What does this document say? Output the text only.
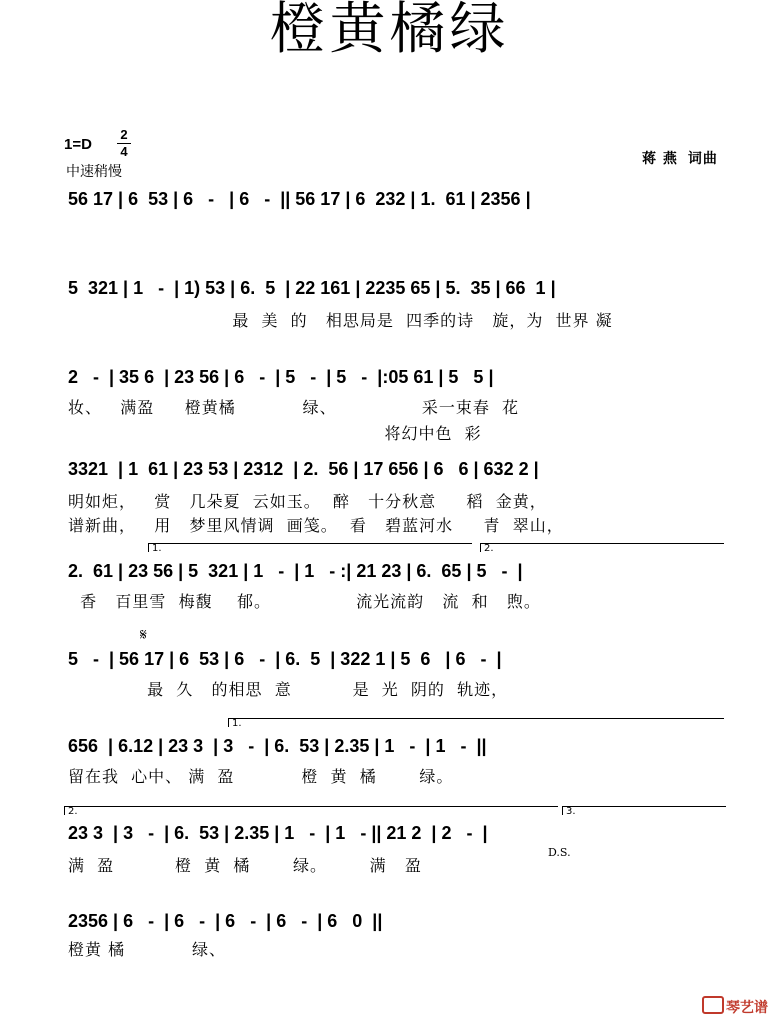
橙黄橘绿
1=D
2
4
中速稍慢
蒋 燕 词曲
56 17 | 6  53 | 6   -   | 6   -  || 56 17 | 6  232 | 1.  61 | 2356 |
5  321 | 1   -  | 1) 53 | 6.  5  | 22 161 | 2235 65 | 5.  35 | 66  1 |
最  美  的   相思局是  四季的诗   旋，为  世界 凝
2   -  | 35 6  | 23 56 | 6   -  | 5   -  | 5   -  |:05 61 | 5   5 |
妆、   满盈     橙黄橘           绿、              采一束春  花
将幻中色  彩
3321  | 1  61 | 23 53 | 2312  | 2.  56 | 17 656 | 6   6 | 632 2 |
明如炬，   赏   几朵夏  云如玉。  醉   十分秋意     稻  金黄，
谱新曲，   用   梦里风情调  画笺。  看   碧蓝河水     青  翠山，
1.	2.
2.  61 | 23 56 | 5  321 | 1   -  | 1   - :| 21 23 | 6.  65 | 5   -  |
香   百里雪  梅馥    郁。              流光流韵   流  和   煦。
𝄋
5   -  | 56 17 | 6  53 | 6   -  | 6.  5  | 322 1 | 5  6   | 6   -  |
最  久   的相思  意          是  光  阴的  轨迹，
1.
656  | 6.12 | 23 3  | 3   -  | 6.  53 | 2.35 | 1   -  | 1   -  ||
留在我  心中、 满  盈           橙  黄  橘       绿。
2.	3.
23 3  | 3   -  | 6.  53 | 2.35 | 1   -  | 1   - || 21 2  | 2   -  |
D.S.
满  盈          橙  黄  橘       绿。       满   盈
2356 | 6   -  | 6   -  | 6   -  | 6   -  | 6   0  ||
橙黄 橘           绿、
琴艺谱
